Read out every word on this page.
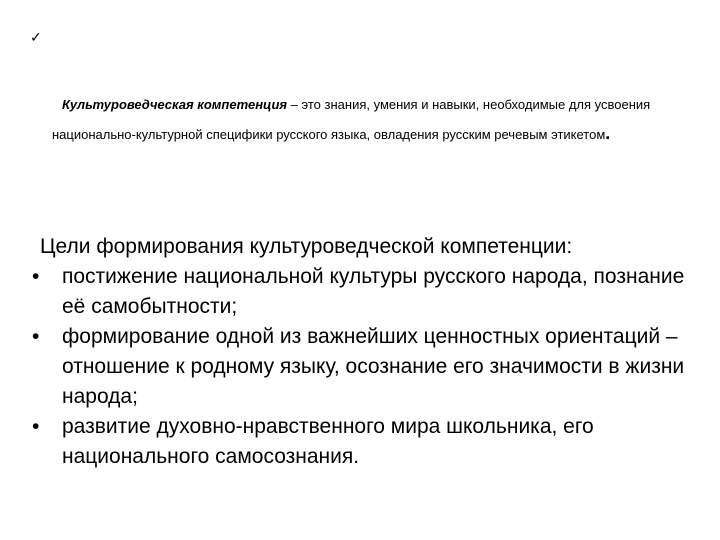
✓
Культуроведческая компетенция – это знания, умения и навыки, необходимые для усвоения
национально-культурной специфики русского языка, овладения русским речевым этикетом.
Цели формирования культуроведческой компетенции:
• постижение национальной культуры русского народа, познание её самобытности;
• формирование одной из важнейших ценностных ориентаций – отношение к родному языку, осознание его значимости в жизни народа;
• развитие духовно-нравственного мира школьника, его национального самосознания.
